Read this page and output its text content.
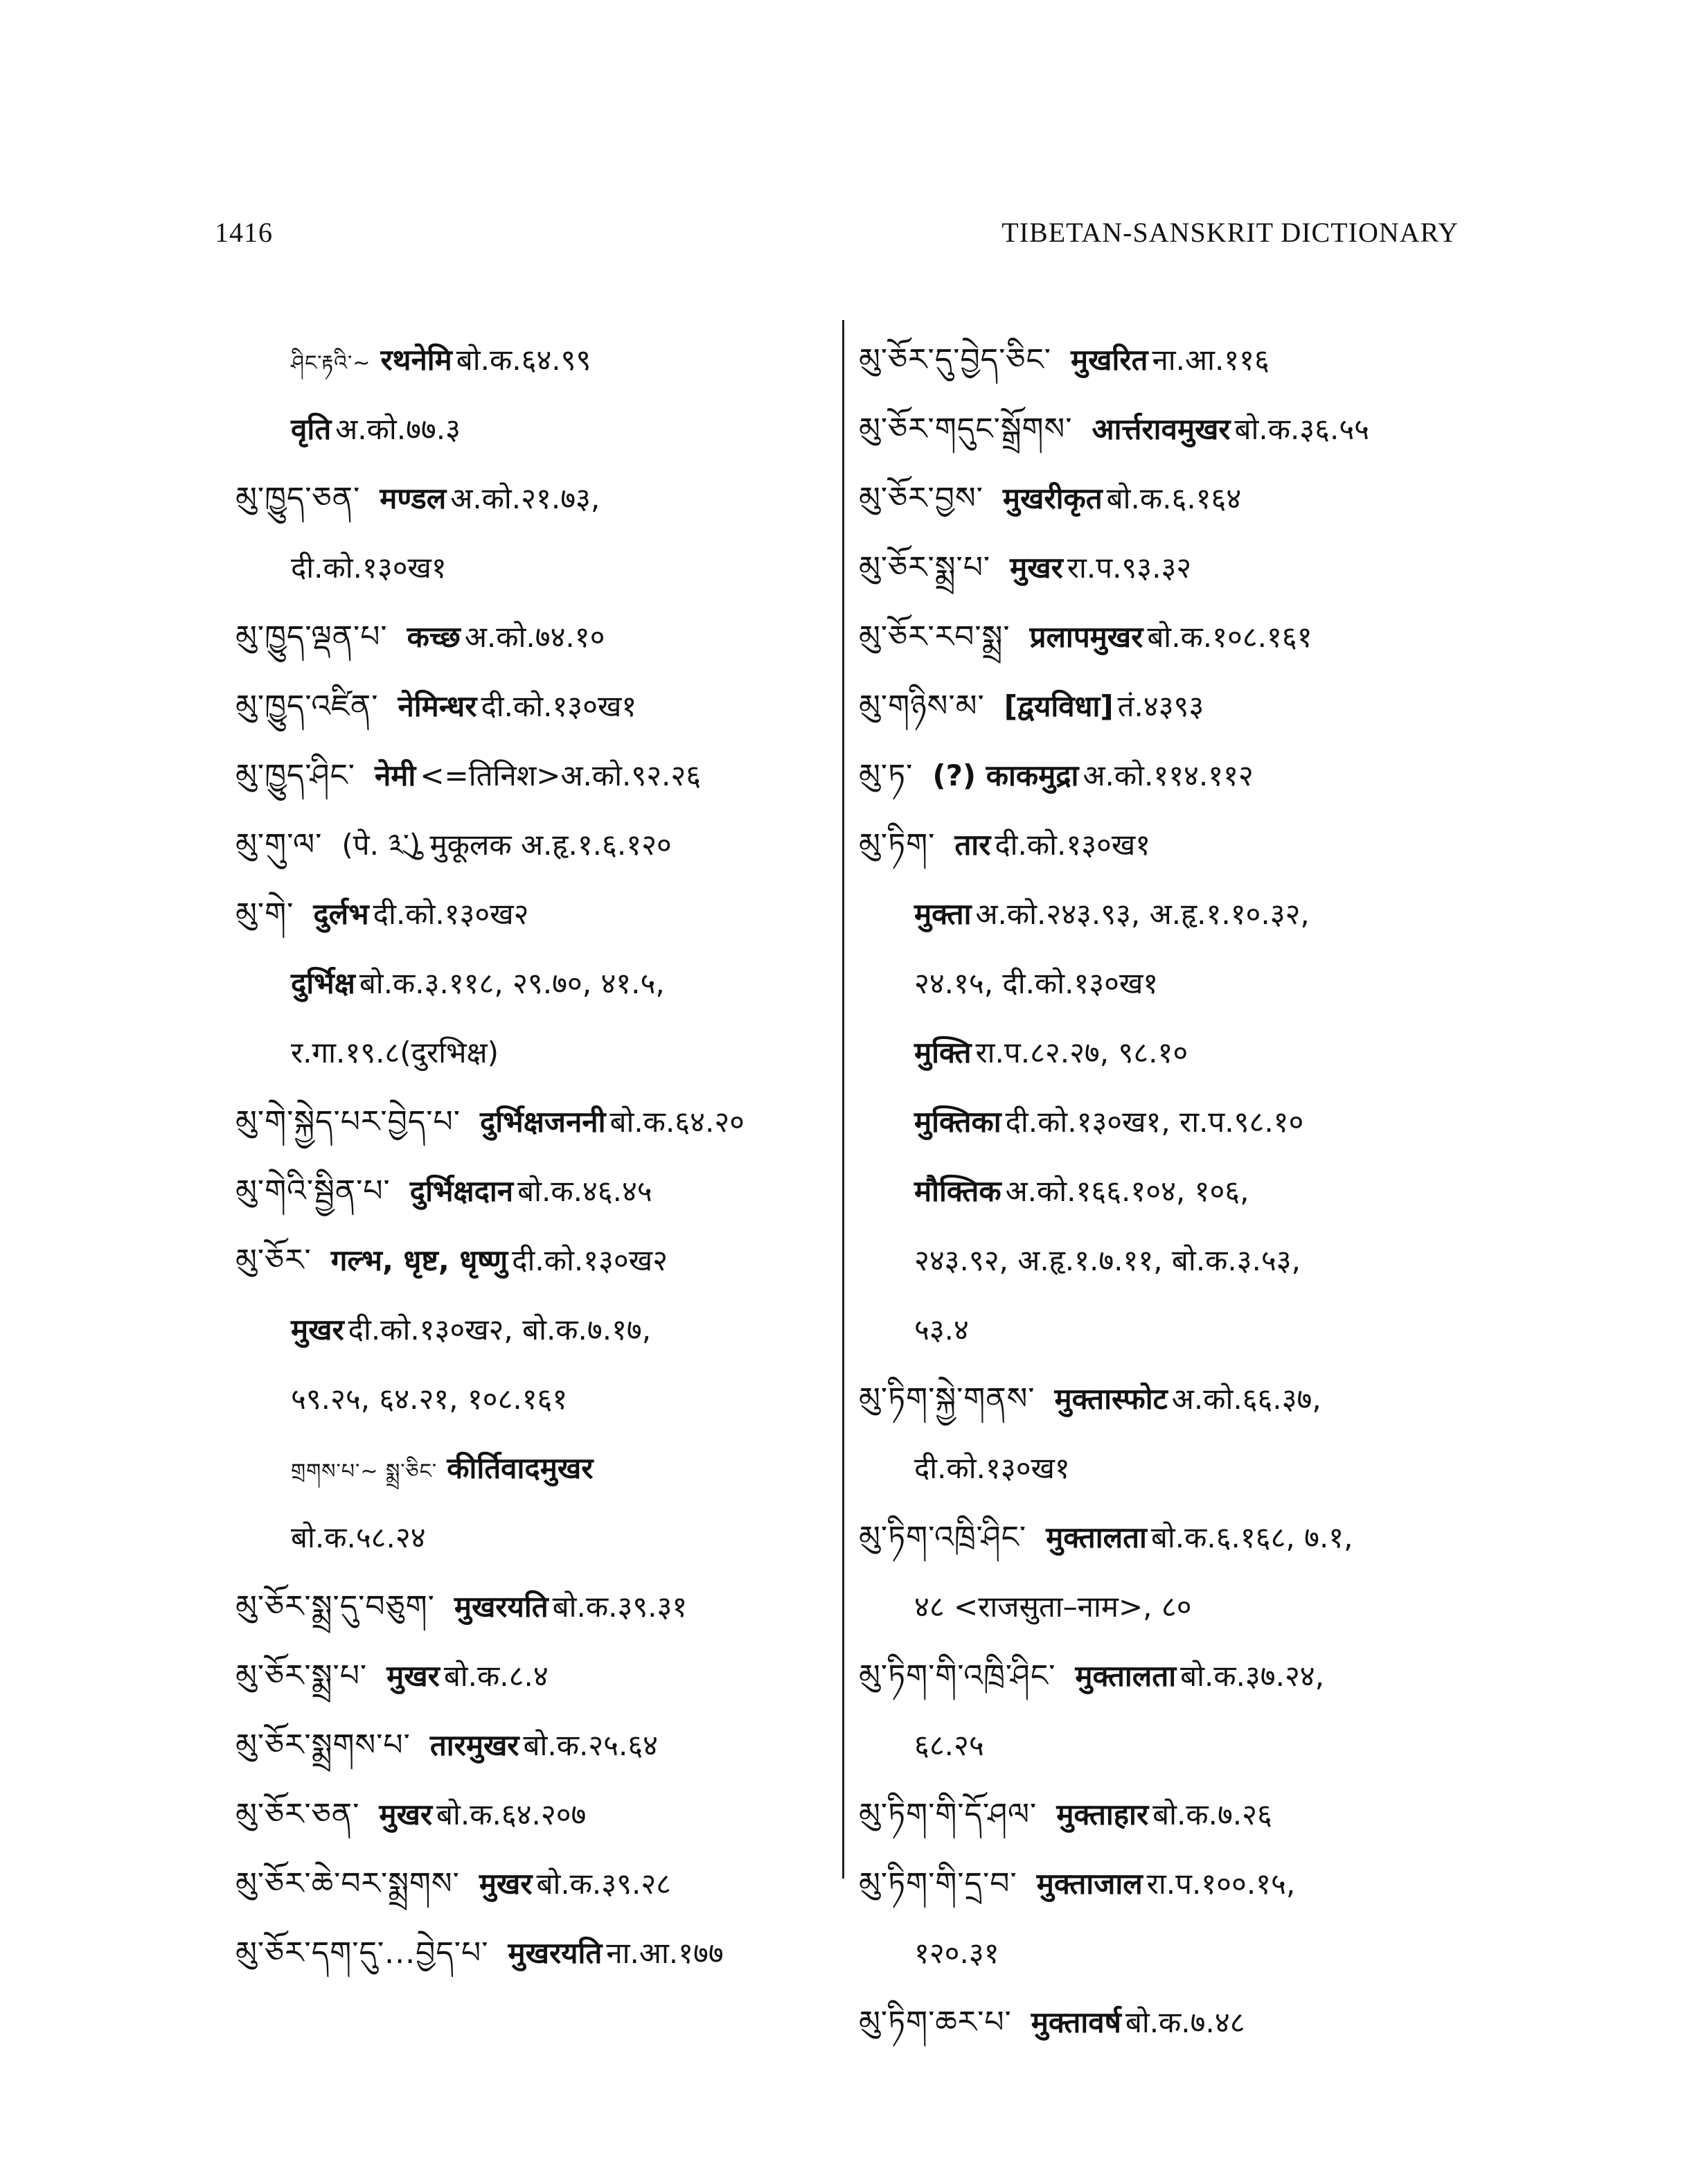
1416	TIBETAN-SANSKRIT DICTIONARY
ཤིང་རྟའི་~ रथनेमि बो.क.६४.९९
वृति अ.को.७७.३
མུ་ཁྱུད་ཅན་ मण्डल अ.को.२१.७३,
दी.को.१३०ख१
མུ་ཁྱུད་ལྡན་པ་ कच्छ अ.को.७४.१०
མུ་ཁྱུད་འཛིན་ नेमिन्धर दी.को.१३०ख१
མུ་ཁྱུད་ཤིང་ नेमी <=तिनिश>अ.को.९२.२६
མུ་གུ་ལ་ (पे. ༣ུ་) मुकूलक अ.हृ.१.६.१२०
མུ་གེ་ दुर्लभ दी.को.१३०ख२
दुर्भिक्ष बो.क.३.११८, २९.७०, ४१.५,
र.गा.१९.८(दुरभिक्ष)
མུ་གེ་སྐྱེད་པར་བྱེད་པ་ दुर्भिक्षजननी बो.क.६४.२०
མུ་གེའི་སྦྱིན་པ་ दुर्भिक्षदान बो.क.४६.४५
མུ་ཅོར་ गल्भ, धृष्ट, धृष्णु दी.को.१३०ख२
मुखर दी.को.१३०ख२, बो.क.७.१७,
५९.२५, ६४.२१, १०८.१६१
གྲགས་པ་~ སྨྲ་ཅིང་ कीर्तिवादमुखर
बो.क.५८.२४
མུ་ཅོར་སྨྲ་དུ་བཅུག་ मुखरयति बो.क.३९.३१
མུ་ཅོར་སྨྲ་པ་ मुखर बो.क.८.४
མུ་ཅོར་སྨྲགས་པ་ तारमुखर बो.क.२५.६४
མུ་ཅོར་ཅན་ मुखर बो.क.६४.२०७
མུ་ཅོར་ཆེ་བར་སྨྲགས་ मुखर बो.क.३९.२८
མུ་ཅོར་དག་དུ་...བྱེད་པ་ मुखरयति ना.आ.१७७
མུ་ཅོར་དུ་བྱེད་ཅིང་ मुखरित ना.आ.११६
མུ་ཅོར་གདུང་སྒྲོགས་ आर्त्तरावमुखर बो.क.३६.५५
མུ་ཅོར་བྱས་ मुखरीकृत बो.क.६.१६४
མུ་ཅོར་སྨྲ་པ་ मुखर रा.प.९३.३२
མུ་ཅོར་རབ་སྨྲ་ प्रलापमुखर बो.क.१०८.१६१
མུ་གཉིས་མ་ [द्वयविधा] तं.४३९३
མུ་ཏ་ (?) काकमुद्रा अ.को.११४.११२
མུ་ཏིག་ तार दी.को.१३०ख१
मुक्ता अ.को.२४३.९३, अ.हृ.१.१०.३२,
२४.१५, दी.को.१३०ख१
मुक्ति रा.प.८२.२७, ९८.१०
मुक्तिका दी.को.१३०ख१, रा.प.९८.१०
मौक्तिक अ.को.१६६.१०४, १०६,
२४३.९२, अ.हृ.१.७.११, बो.क.३.५३,
५३.४
མུ་ཏིག་སྐྱེ་གནས་ मुक्तास्फोट अ.को.६६.३७,
दी.को.१३०ख१
མུ་ཏིག་འཁྲི་ཤིང་ मुक्तालता बो.क.६.१६८, ७.१,
४८ <राजसुता–नाम>, ८०
མུ་ཏིག་གི་འཁྲི་ཤིང་ मुक्तालता बो.क.३७.२४,
६८.२५
མུ་ཏིག་གི་དོ་ཤལ་ मुक्ताहार बो.क.७.२६
མུ་ཏིག་གི་དྲ་བ་ मुक्ताजाल रा.प.१००.१५,
१२०.३१
མུ་ཏིག་ཆར་པ་ मुक्तावर्ष बो.क.७.४८
